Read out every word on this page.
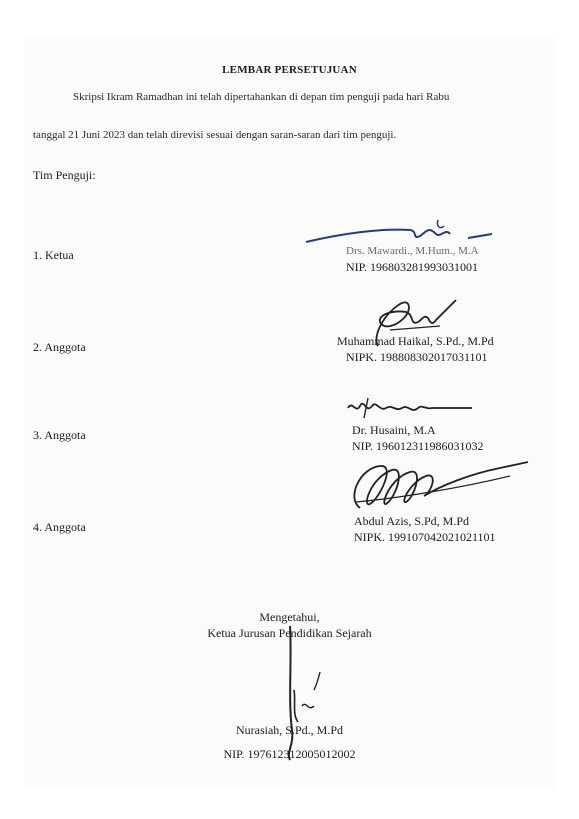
LEMBAR PERSETUJUAN
Skripsi Ikram Ramadhan ini telah dipertahankan di depan tim penguji pada hari Rabu
tanggal 21 Juni 2023 dan telah direvisi sesuai dengan saran-saran dari tim penguji.
Tim Penguji:
1. Ketua	Drs. Mawardi., M.Hum., M.A
NIP. 196803281993031001
2. Anggota	Muhammad Haikal, S.Pd., M.Pd
NIPK. 198808302017031101
3. Anggota	Dr. Husaini, M.A
NIP. 196012311986031032
4. Anggota	Abdul Azis, S.Pd, M.Pd
NIPK. 199107042021021101
Mengetahui,
Ketua Jurusan Pendidikan Sejarah
Nurasiah, S.Pd., M.Pd
NIP. 197612312005012002
